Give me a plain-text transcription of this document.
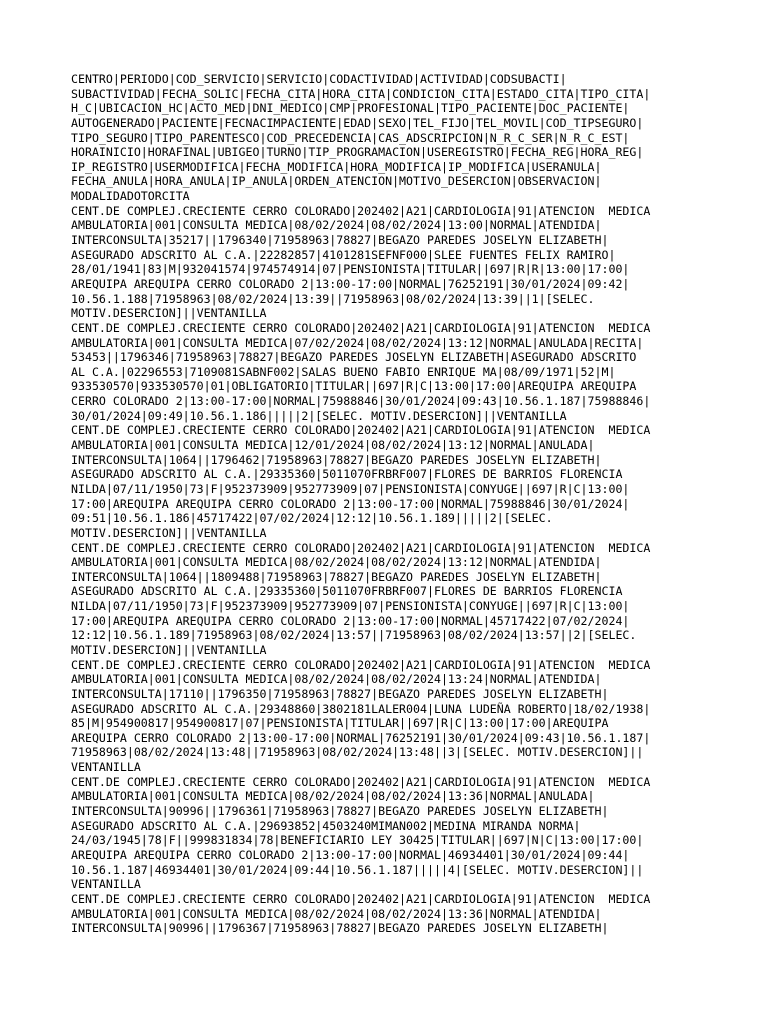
CENTRO|PERIODO|COD_SERVICIO|SERVICIO|CODACTIVIDAD|ACTIVIDAD|CODSUBACTI|
SUBACTIVIDAD|FECHA_SOLIC|FECHA_CITA|HORA_CITA|CONDICION_CITA|ESTADO_CITA|TIPO_CITA|
H_C|UBICACION_HC|ACTO_MED|DNI_MEDICO|CMP|PROFESIONAL|TIPO_PACIENTE|DOC_PACIENTE|
AUTOGENERADO|PACIENTE|FECNACIMPACIENTE|EDAD|SEXO|TEL_FIJO|TEL_MOVIL|COD_TIPSEGURO|
TIPO_SEGURO|TIPO_PARENTESCO|COD_PRECEDENCIA|CAS_ADSCRIPCION|N_R_C_SER|N_R_C_EST|
HORAINICIO|HORAFINAL|UBIGEO|TURNO|TIP_PROGRAMACION|USEREGISTRO|FECHA_REG|HORA_REG|
IP_REGISTRO|USERMODIFICA|FECHA_MODIFICA|HORA_MODIFICA|IP_MODIFICA|USERANULA|
FECHA_ANULA|HORA_ANULA|IP_ANULA|ORDEN_ATENCION|MOTIVO_DESERCION|OBSERVACION|
MODALIDADOTORCITA
CENT.DE COMPLEJ.CRECIENTE CERRO COLORADO|202402|A21|CARDIOLOGIA|91|ATENCION  MEDICA
AMBULATORIA|001|CONSULTA MEDICA|08/02/2024|08/02/2024|13:00|NORMAL|ATENDIDA|
INTERCONSULTA|35217||1796340|71958963|78827|BEGAZO PAREDES JOSELYN ELIZABETH|
ASEGURADO ADSCRITO AL C.A.|22282857|4101281SEFNF000|SLEE FUENTES FELIX RAMIRO|
28/01/1941|83|M|932041574|974574914|07|PENSIONISTA|TITULAR||697|R|R|13:00|17:00|
AREQUIPA AREQUIPA CERRO COLORADO 2|13:00-17:00|NORMAL|76252191|30/01/2024|09:42|
10.56.1.188|71958963|08/02/2024|13:39||71958963|08/02/2024|13:39||1|[SELEC.
MOTIV.DESERCION]||VENTANILLA
CENT.DE COMPLEJ.CRECIENTE CERRO COLORADO|202402|A21|CARDIOLOGIA|91|ATENCION  MEDICA
AMBULATORIA|001|CONSULTA MEDICA|07/02/2024|08/02/2024|13:12|NORMAL|ANULADA|RECITA|
53453||1796346|71958963|78827|BEGAZO PAREDES JOSELYN ELIZABETH|ASEGURADO ADSCRITO
AL C.A.|02296553|7109081SABNF002|SALAS BUENO FABIO ENRIQUE MA|08/09/1971|52|M|
933530570|933530570|01|OBLIGATORIO|TITULAR||697|R|C|13:00|17:00|AREQUIPA AREQUIPA
CERRO COLORADO 2|13:00-17:00|NORMAL|75988846|30/01/2024|09:43|10.56.1.187|75988846|
30/01/2024|09:49|10.56.1.186|||||2|[SELEC. MOTIV.DESERCION]||VENTANILLA
CENT.DE COMPLEJ.CRECIENTE CERRO COLORADO|202402|A21|CARDIOLOGIA|91|ATENCION  MEDICA
AMBULATORIA|001|CONSULTA MEDICA|12/01/2024|08/02/2024|13:12|NORMAL|ANULADA|
INTERCONSULTA|1064||1796462|71958963|78827|BEGAZO PAREDES JOSELYN ELIZABETH|
ASEGURADO ADSCRITO AL C.A.|29335360|5011070FRBRF007|FLORES DE BARRIOS FLORENCIA
NILDA|07/11/1950|73|F|952373909|952773909|07|PENSIONISTA|CONYUGE||697|R|C|13:00|
17:00|AREQUIPA AREQUIPA CERRO COLORADO 2|13:00-17:00|NORMAL|75988846|30/01/2024|
09:51|10.56.1.186|45717422|07/02/2024|12:12|10.56.1.189|||||2|[SELEC.
MOTIV.DESERCION]||VENTANILLA
CENT.DE COMPLEJ.CRECIENTE CERRO COLORADO|202402|A21|CARDIOLOGIA|91|ATENCION  MEDICA
AMBULATORIA|001|CONSULTA MEDICA|08/02/2024|08/02/2024|13:12|NORMAL|ATENDIDA|
INTERCONSULTA|1064||1809488|71958963|78827|BEGAZO PAREDES JOSELYN ELIZABETH|
ASEGURADO ADSCRITO AL C.A.|29335360|5011070FRBRF007|FLORES DE BARRIOS FLORENCIA
NILDA|07/11/1950|73|F|952373909|952773909|07|PENSIONISTA|CONYUGE||697|R|C|13:00|
17:00|AREQUIPA AREQUIPA CERRO COLORADO 2|13:00-17:00|NORMAL|45717422|07/02/2024|
12:12|10.56.1.189|71958963|08/02/2024|13:57||71958963|08/02/2024|13:57||2|[SELEC.
MOTIV.DESERCION]||VENTANILLA
CENT.DE COMPLEJ.CRECIENTE CERRO COLORADO|202402|A21|CARDIOLOGIA|91|ATENCION  MEDICA
AMBULATORIA|001|CONSULTA MEDICA|08/02/2024|08/02/2024|13:24|NORMAL|ATENDIDA|
INTERCONSULTA|17110||1796350|71958963|78827|BEGAZO PAREDES JOSELYN ELIZABETH|
ASEGURADO ADSCRITO AL C.A.|29348860|3802181LALER004|LUNA LUDEÑA ROBERTO|18/02/1938|
85|M|954900817|954900817|07|PENSIONISTA|TITULAR||697|R|C|13:00|17:00|AREQUIPA
AREQUIPA CERRO COLORADO 2|13:00-17:00|NORMAL|76252191|30/01/2024|09:43|10.56.1.187|
71958963|08/02/2024|13:48||71958963|08/02/2024|13:48||3|[SELEC. MOTIV.DESERCION]||
VENTANILLA
CENT.DE COMPLEJ.CRECIENTE CERRO COLORADO|202402|A21|CARDIOLOGIA|91|ATENCION  MEDICA
AMBULATORIA|001|CONSULTA MEDICA|08/02/2024|08/02/2024|13:36|NORMAL|ANULADA|
INTERCONSULTA|90996||1796361|71958963|78827|BEGAZO PAREDES JOSELYN ELIZABETH|
ASEGURADO ADSCRITO AL C.A.|29693852|4503240MIMAN002|MEDINA MIRANDA NORMA|
24/03/1945|78|F||999831834|78|BENEFICIARIO LEY 30425|TITULAR||697|N|C|13:00|17:00|
AREQUIPA AREQUIPA CERRO COLORADO 2|13:00-17:00|NORMAL|46934401|30/01/2024|09:44|
10.56.1.187|46934401|30/01/2024|09:44|10.56.1.187|||||4|[SELEC. MOTIV.DESERCION]||
VENTANILLA
CENT.DE COMPLEJ.CRECIENTE CERRO COLORADO|202402|A21|CARDIOLOGIA|91|ATENCION  MEDICA
AMBULATORIA|001|CONSULTA MEDICA|08/02/2024|08/02/2024|13:36|NORMAL|ATENDIDA|
INTERCONSULTA|90996||1796367|71958963|78827|BEGAZO PAREDES JOSELYN ELIZABETH|
